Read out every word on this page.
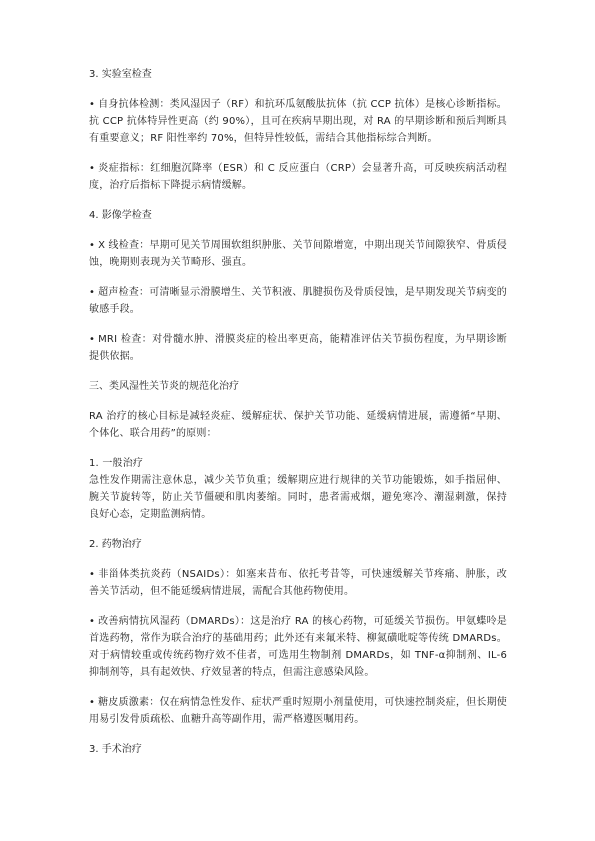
3. 实验室检查

• 自身抗体检测：类风湿因子（RF）和抗环瓜氨酸肽抗体（抗 CCP 抗体）是核心诊断指标。抗 CCP 抗体特异性更高（约 90%），且可在疾病早期出现，对 RA 的早期诊断和预后判断具有重要意义；RF 阳性率约 70%，但特异性较低，需结合其他指标综合判断。

• 炎症指标：红细胞沉降率（ESR）和 C 反应蛋白（CRP）会显著升高，可反映疾病活动程度，治疗后指标下降提示病情缓解。

4. 影像学检查

• X 线检查：早期可见关节周围软组织肿胀、关节间隙增宽，中期出现关节间隙狭窄、骨质侵蚀，晚期则表现为关节畸形、强直。

• 超声检查：可清晰显示滑膜增生、关节积液、肌腱损伤及骨质侵蚀，是早期发现关节病变的敏感手段。

• MRI 检查：对骨髓水肿、滑膜炎症的检出率更高，能精准评估关节损伤程度，为早期诊断提供依据。

三、类风湿性关节炎的规范化治疗

RA 治疗的核心目标是减轻炎症、缓解症状、保护关节功能、延缓病情进展，需遵循“早期、个体化、联合用药”的原则：

1. 一般治疗
急性发作期需注意休息，减少关节负重；缓解期应进行规律的关节功能锻炼，如手指屈伸、腕关节旋转等，防止关节僵硬和肌肉萎缩。同时，患者需戒烟，避免寒冷、潮湿刺激，保持良好心态，定期监测病情。

2. 药物治疗

• 非甾体类抗炎药（NSAIDs）：如塞来昔布、依托考昔等，可快速缓解关节疼痛、肿胀，改善关节活动，但不能延缓病情进展，需配合其他药物使用。

• 改善病情抗风湿药（DMARDs）：这是治疗 RA 的核心药物，可延缓关节损伤。甲氨蝶呤是首选药物，常作为联合治疗的基础用药；此外还有来氟米特、柳氮磺吡啶等传统 DMARDs。对于病情较重或传统药物疗效不佳者，可选用生物制剂 DMARDs，如 TNF-α抑制剂、IL-6 抑制剂等，具有起效快、疗效显著的特点，但需注意感染风险。

• 糖皮质激素：仅在病情急性发作、症状严重时短期小剂量使用，可快速控制炎症，但长期使用易引发骨质疏松、血糖升高等副作用，需严格遵医嘱用药。

3. 手术治疗
